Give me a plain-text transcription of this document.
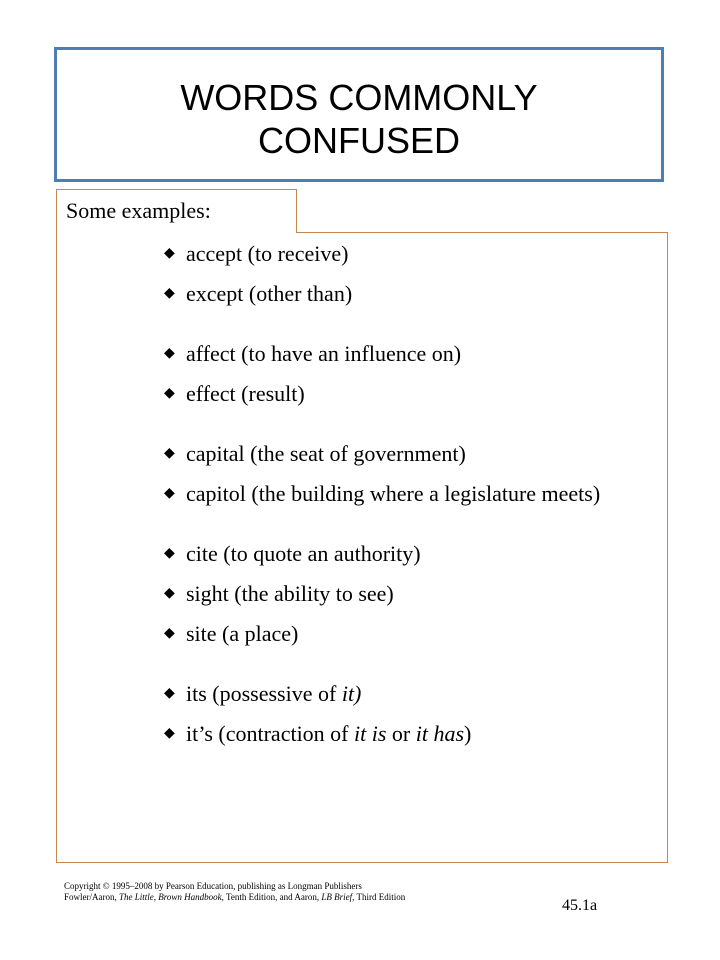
WORDS COMMONLY
CONFUSED
Some examples:
◆ accept (to receive)
◆ except (other than)
◆ affect (to have an influence on)
◆ effect (result)
◆ capital (the seat of government)
◆ capitol (the building where a legislature meets)
◆ cite (to quote an authority)
◆ sight (the ability to see)
◆ site (a place)
◆ its (possessive of it)
◆ it’s (contraction of it is or it has)
Copyright © 1995–2008 by Pearson Education, publishing as Longman Publishers
Fowler/Aaron, The Little, Brown Handbook, Tenth Edition, and Aaron, LB Brief, Third Edition	45.1a
